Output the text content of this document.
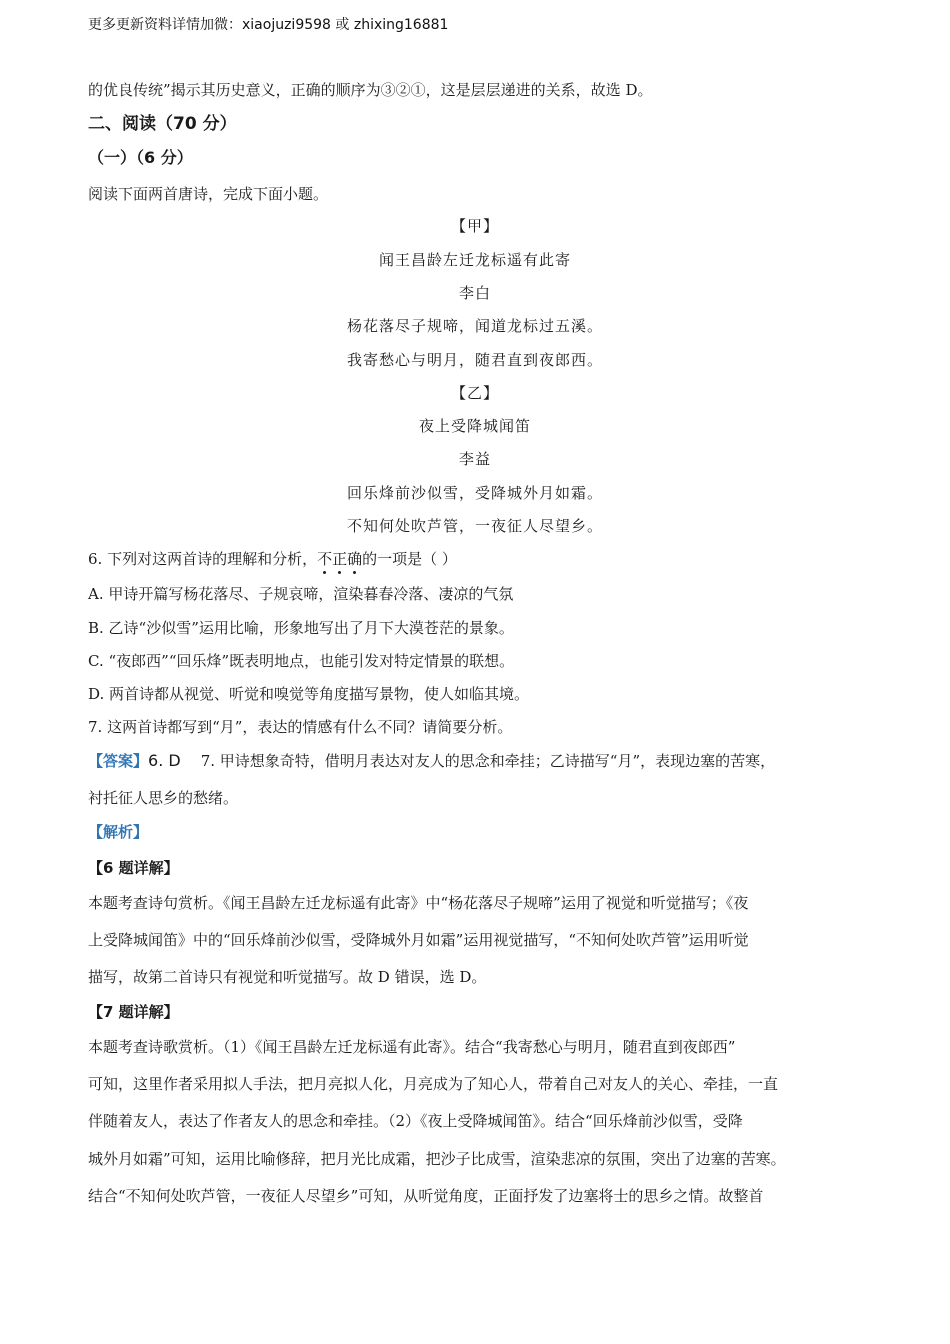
更多更新资料详情加微：xiaojuzi9598 或 zhixing16881
的优良传统”揭示其历史意义，正确的顺序为③②①，这是层层递进的关系，故选 D。
二、阅读（70 分）
（一）（6 分）
阅读下面两首唐诗，完成下面小题。
【甲】
闻王昌龄左迁龙标遥有此寄
李白
杨花落尽子规啼，闻道龙标过五溪。
我寄愁心与明月，随君直到夜郎西。
【乙】
夜上受降城闻笛
李益
回乐烽前沙似雪，受降城外月如霜。
不知何处吹芦管，一夜征人尽望乡。
6. 下列对这两首诗的理解和分析，不正确的一项是（ ）
A. 甲诗开篇写杨花落尽、子规哀啼，渲染暮春冷落、凄凉的气氛
B. 乙诗“沙似雪”运用比喻，形象地写出了月下大漠苍茫的景象。
C. “夜郎西”“回乐烽”既表明地点，也能引发对特定情景的联想。
D. 两首诗都从视觉、听觉和嗅觉等角度描写景物，使人如临其境。
7. 这两首诗都写到“月”，表达的情感有什么不同？请简要分析。
【答案】6. D 7. 甲诗想象奇特，借明月表达对友人的思念和牵挂；乙诗描写“月”，表现边塞的苦寒，
衬托征人思乡的愁绪。
【解析】
【6 题详解】
本题考查诗句赏析。《闻王昌龄左迁龙标遥有此寄》中“杨花落尽子规啼”运用了视觉和听觉描写；《夜
上受降城闻笛》中的“回乐烽前沙似雪，受降城外月如霜”运用视觉描写，“不知何处吹芦管”运用听觉
描写，故第二首诗只有视觉和听觉描写。故 D 错误，选 D。
【7 题详解】
本题考查诗歌赏析。（1）《闻王昌龄左迁龙标遥有此寄》。结合“我寄愁心与明月，随君直到夜郎西”
可知，这里作者采用拟人手法，把月亮拟人化，月亮成为了知心人，带着自己对友人的关心、牵挂，一直
伴随着友人，表达了作者友人的思念和牵挂。（2）《夜上受降城闻笛》。结合“回乐烽前沙似雪，受降
城外月如霜”可知，运用比喻修辞，把月光比成霜，把沙子比成雪，渲染悲凉的氛围，突出了边塞的苦寒。
结合“不知何处吹芦管，一夜征人尽望乡”可知，从听觉角度，正面抒发了边塞将士的思乡之情。故整首
